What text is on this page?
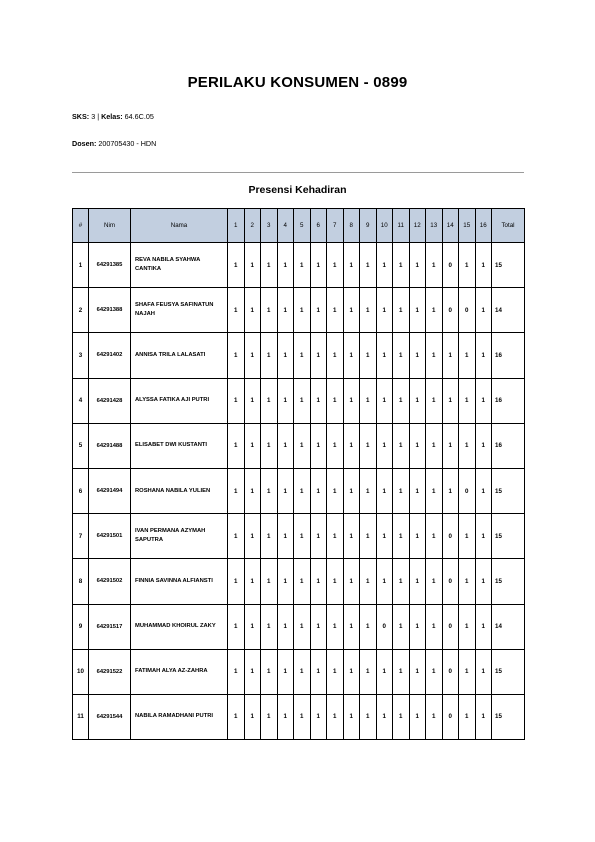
PERILAKU KONSUMEN - 0899
SKS: 3 | Kelas: 64.6C.05
Dosen: 200705430 - HDN
Presensi Kehadiran
#	Nim	Nama	1	2	3	4	5	6	7	8	9	10	11	12	13	14	15	16	Total
1	64291385	REVA NABILA SYAHWA CANTIKA	1	1	1	1	1	1	1	1	1	1	1	1	1	0	1	1	15
2	64291388	SHAFA FEUSYA SAFINATUN NAJAH	1	1	1	1	1	1	1	1	1	1	1	1	1	0	0	1	14
3	64291402	ANNISA TRILA LALASATI	1	1	1	1	1	1	1	1	1	1	1	1	1	1	1	1	16
4	64291428	ALYSSA FATIKA AJI PUTRI	1	1	1	1	1	1	1	1	1	1	1	1	1	1	1	1	16
5	64291488	ELISABET DWI KUSTANTI	1	1	1	1	1	1	1	1	1	1	1	1	1	1	1	1	16
6	64291494	ROSHANA NABILA YULIEN	1	1	1	1	1	1	1	1	1	1	1	1	1	1	0	1	15
7	64291501	IVAN PERMANA AZYMAH SAPUTRA	1	1	1	1	1	1	1	1	1	1	1	1	1	0	1	1	15
8	64291502	FINNIA SAVINNA ALFIANSTI	1	1	1	1	1	1	1	1	1	1	1	1	1	0	1	1	15
9	64291517	MUHAMMAD KHOIRUL ZAKY	1	1	1	1	1	1	1	1	1	0	1	1	1	0	1	1	14
10	64291522	FATIMAH ALYA AZ-ZAHRA	1	1	1	1	1	1	1	1	1	1	1	1	1	0	1	1	15
11	64291544	NABILA RAMADHANI PUTRI	1	1	1	1	1	1	1	1	1	1	1	1	1	0	1	1	15
